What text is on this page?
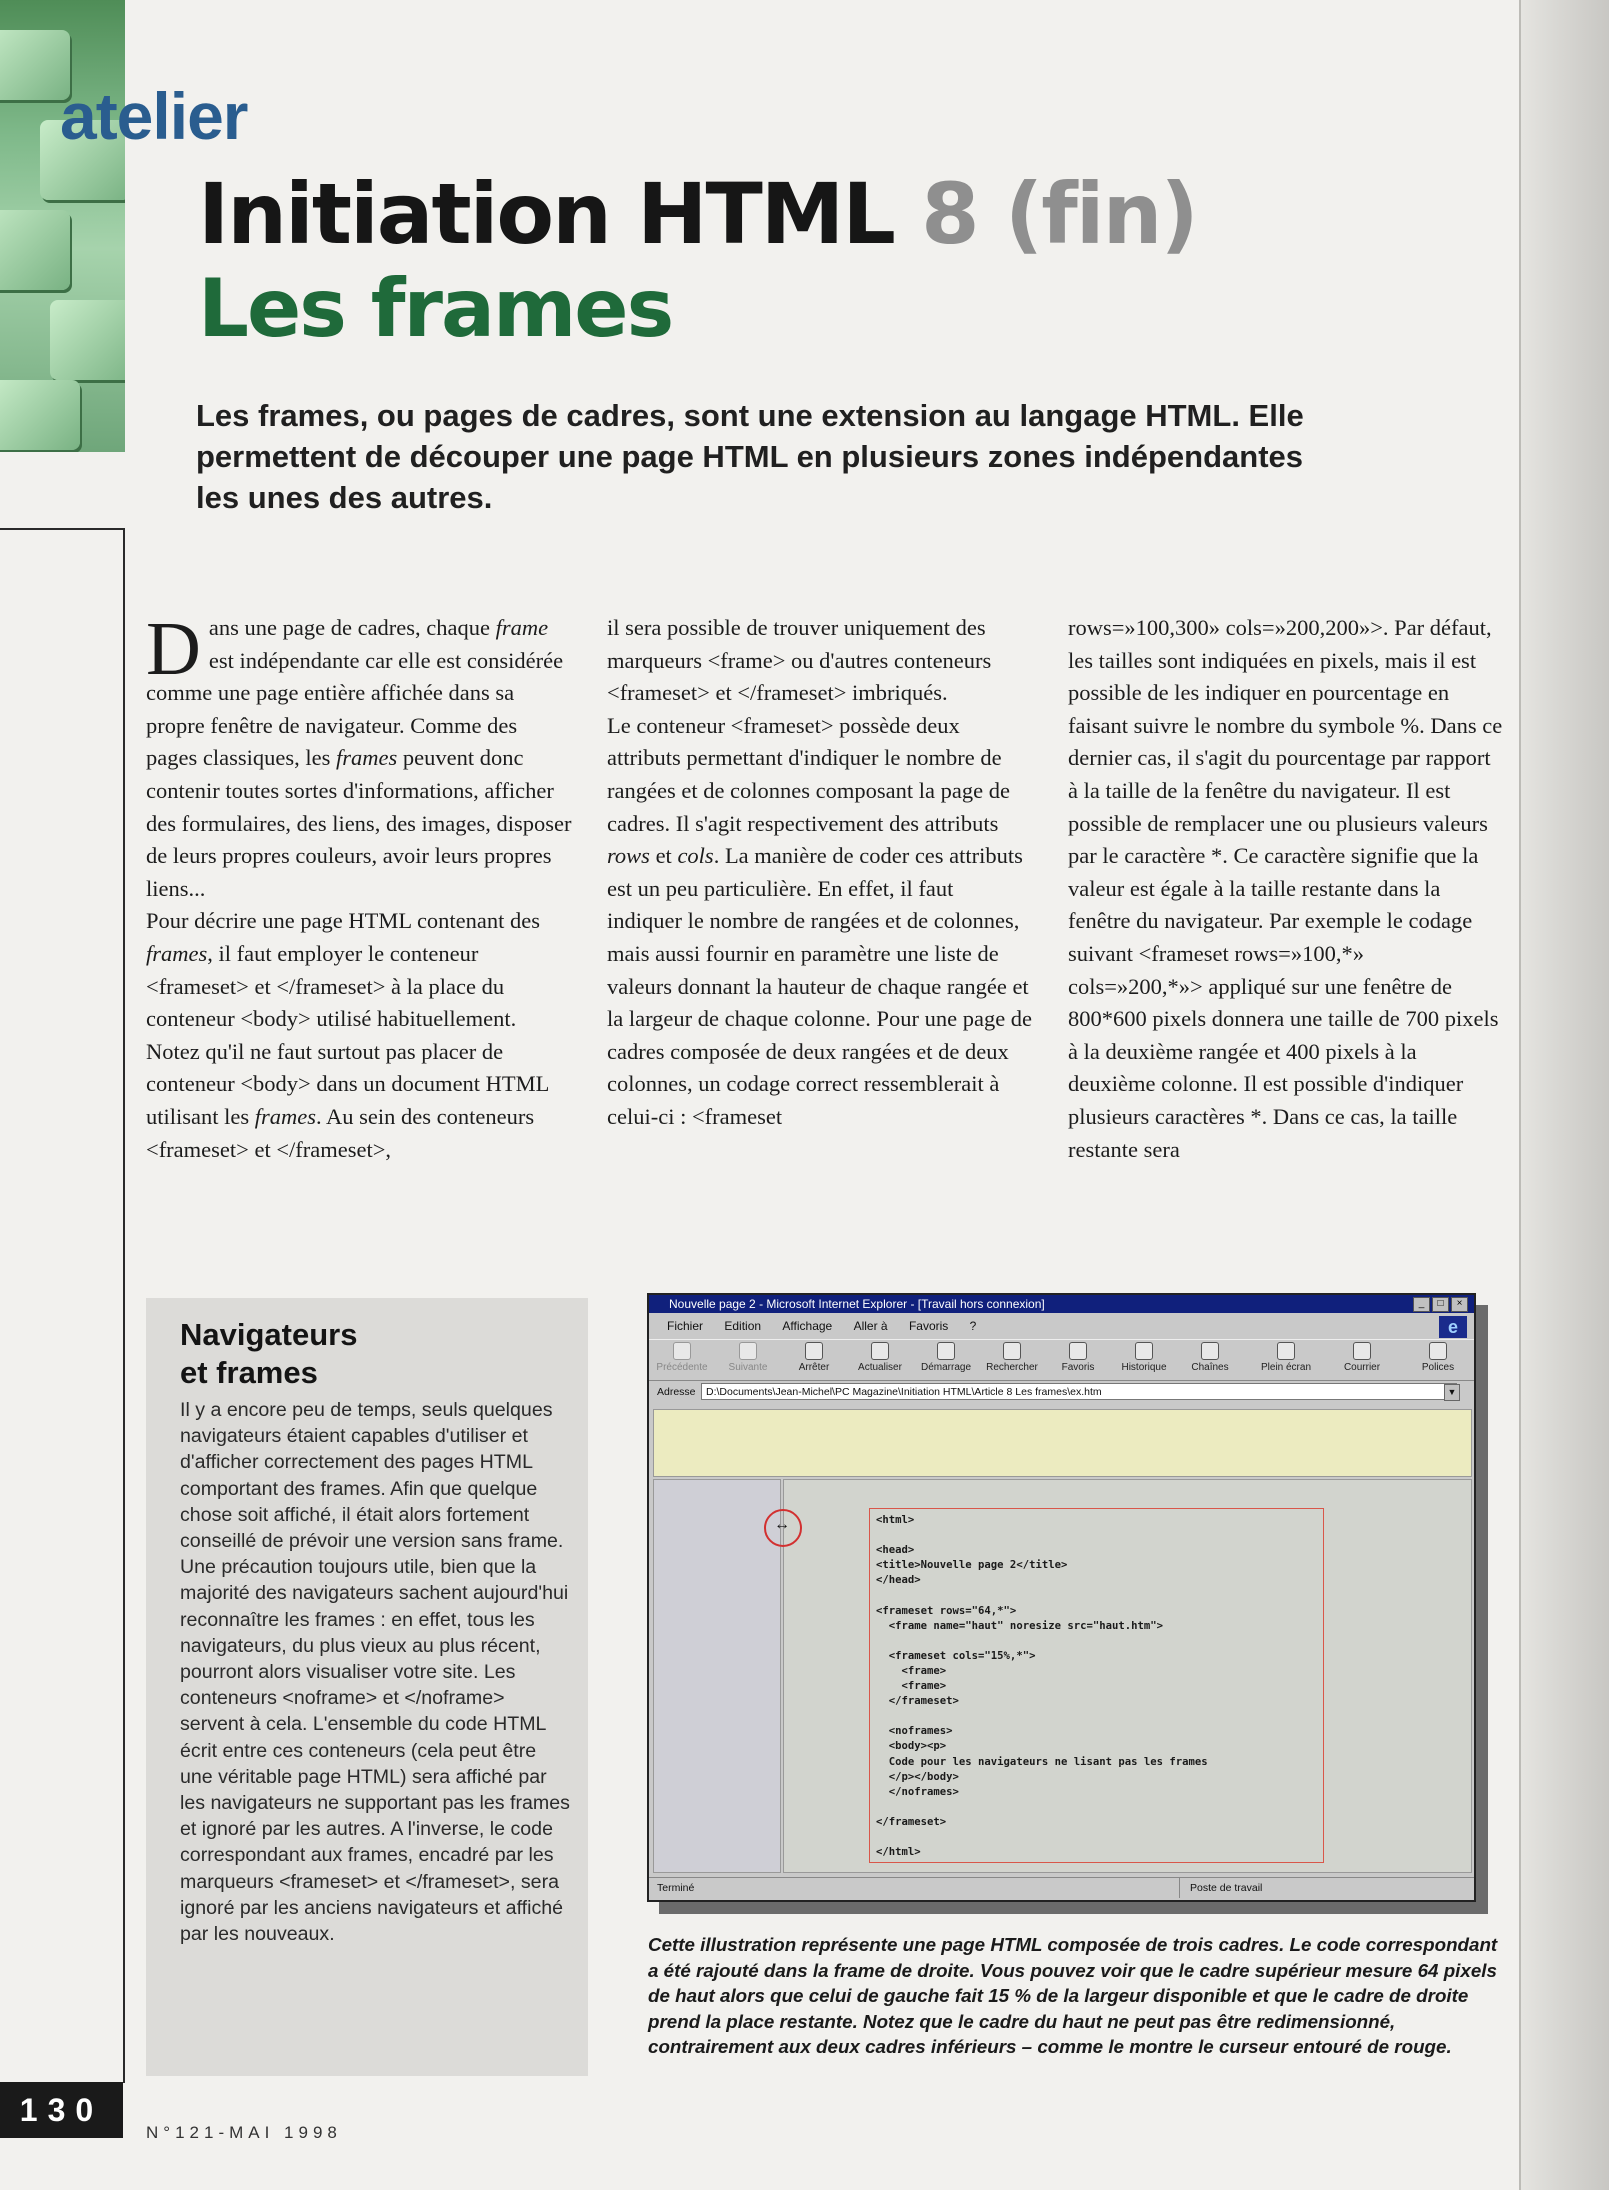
atelier
Initiation HTML 8 (fin)
Les frames
Les frames, ou pages de cadres, sont une extension au langage HTML. Elle permettent de découper une page HTML en plusieurs zones indépendantes les unes des autres.
D ans une page de cadres, chaque frame est indépendante car elle est considérée comme une page entière affichée dans sa propre fenêtre de navigateur. Comme des pages classiques, les frames peuvent donc contenir toutes sortes d'informations, afficher des formulaires, des liens, des images, disposer de leurs propres couleurs, avoir leurs propres liens...

Pour décrire une page HTML contenant des frames, il faut employer le conteneur <frameset> et </frameset> à la place du conteneur <body> utilisé habituellement. Notez qu'il ne faut surtout pas placer de conteneur <body> dans un document HTML utilisant les frames. Au sein des conteneurs <frameset> et </frameset>,

il sera possible de trouver uniquement des marqueurs <frame> ou d'autres conteneurs <frameset> et </frameset> imbriqués.

Le conteneur <frameset> possède deux attributs permettant d'indiquer le nombre de rangées et de colonnes composant la page de cadres. Il s'agit respectivement des attributs rows et cols. La manière de coder ces attributs est un peu particulière. En effet, il faut indiquer le nombre de rangées et de colonnes, mais aussi fournir en paramètre une liste de valeurs donnant la hauteur de chaque rangée et la largeur de chaque colonne. Pour une page de cadres composée de deux rangées et de deux colonnes, un codage correct ressemblerait à celui-ci : <frameset

rows=»100,300» cols=»200,200»>. Par défaut, les tailles sont indiquées en pixels, mais il est possible de les indiquer en pourcentage en faisant suivre le nombre du symbole %. Dans ce dernier cas, il s'agit du pourcentage par rapport à la taille de la fenêtre du navigateur. Il est possible de remplacer une ou plusieurs valeurs par le caractère *. Ce caractère signifie que la valeur est égale à la taille restante dans la fenêtre du navigateur. Par exemple le codage suivant <frameset rows=»100,*» cols=»200,*»> appliqué sur une fenêtre de 800*600 pixels donnera une taille de 700 pixels à la deuxième rangée et 400 pixels à la deuxième colonne. Il est possible d'indiquer plusieurs caractères *. Dans ce cas, la taille restante sera

Navigateurs
et frames
Il y a encore peu de temps, seuls quelques navigateurs étaient capables d'utiliser et d'afficher correctement des pages HTML comportant des frames. Afin que quelque chose soit affiché, il était alors fortement conseillé de prévoir une version sans frame. Une précaution toujours utile, bien que la majorité des navigateurs sachent aujourd'hui reconnaître les frames : en effet, tous les navigateurs, du plus vieux au plus récent, pourront alors visualiser votre site. Les conteneurs <noframe> et </noframe> servent à cela. L'ensemble du code HTML écrit entre ces conteneurs (cela peut être une véritable page HTML) sera affiché par les navigateurs ne supportant pas les frames et ignoré par les autres. A l'inverse, le code correspondant aux frames, encadré par les marqueurs <frameset> et </frameset>, sera ignoré par les anciens navigateurs et affiché par les nouveaux.
Nouvelle page 2 - Microsoft Internet Explorer - [Travail hors connexion]	_	□	×
Fichier Edition Affichage Aller à Favoris ?	e
Précédente	Suivante	Arrêter	Actualiser	Démarrage	Rechercher	Favoris	Historique	Chaînes	Plein écran	Courrier	Polices
Adresse D:\Documents\Jean-Michel\PC Magazine\Initiation HTML\Article 8 Les frames\ex.htm	▼
↔	<html>

<head>
<title>Nouvelle page 2</title>
</head>

<frameset rows="64,*">
<frame name="haut" noresize src="haut.htm">

<frameset cols="15%,*">
<frame>
<frame>
</frameset>

<noframes>
<body><p>
Code pour les navigateurs ne lisant pas les frames
</p></body>
</noframes>

</frameset>

</html>
Terminé	Poste de travail
Cette illustration représente une page HTML composée de trois cadres. Le code correspondant a été rajouté dans la frame de droite. Vous pouvez voir que le cadre supérieur mesure 64 pixels de haut alors que celui de gauche fait 15 % de la largeur disponible et que le cadre de droite prend la place restante. Notez que le cadre du haut ne peut pas être redimensionné, contrairement aux deux cadres inférieurs – comme le montre le curseur entouré de rouge.
130
N°121-MAI 1998
